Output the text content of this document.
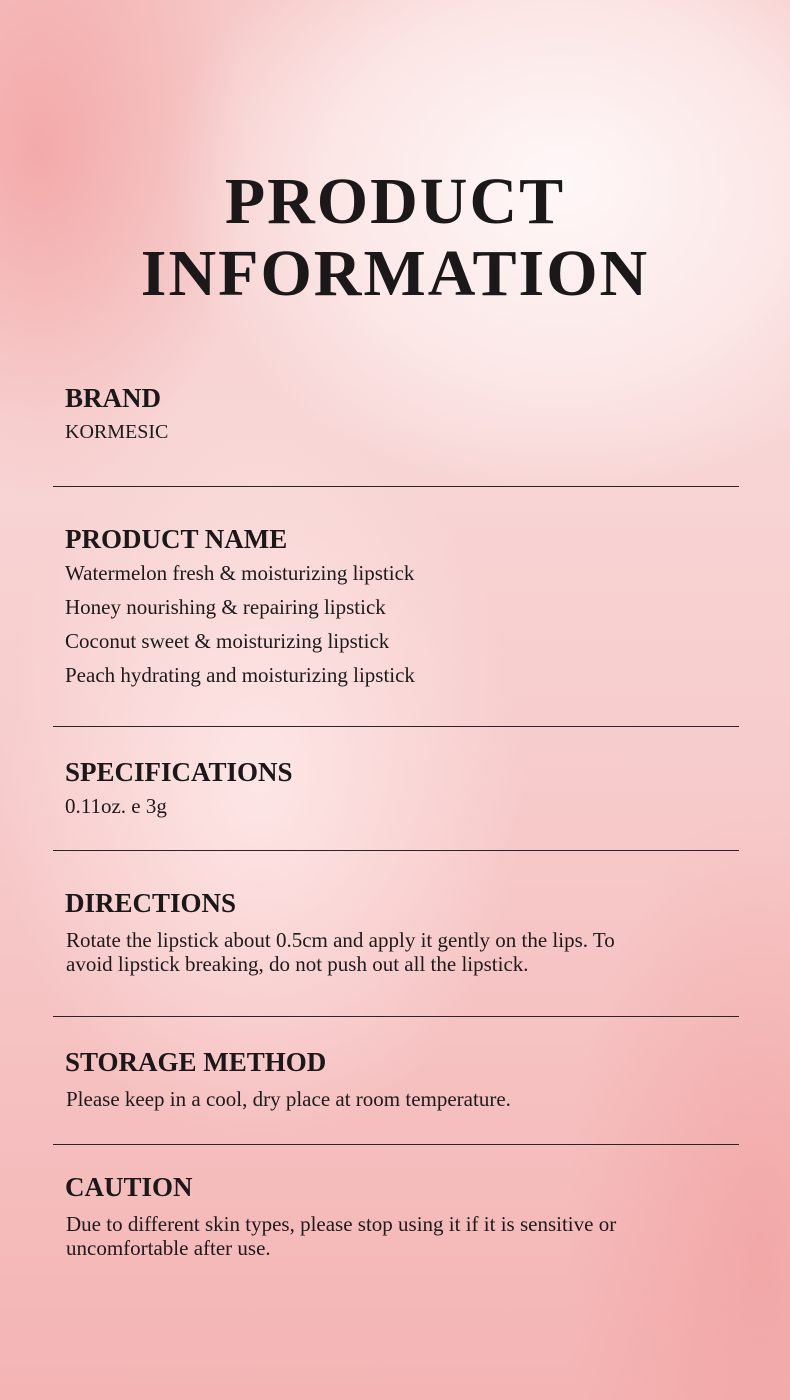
PRODUCT
INFORMATION
BRAND

KORMESIC

PRODUCT NAME

Watermelon fresh & moisturizing lipstick

Honey nourishing & repairing lipstick

Coconut sweet & moisturizing lipstick

Peach hydrating and moisturizing lipstick

SPECIFICATIONS

0.11oz. e 3g

DIRECTIONS

Rotate the lipstick about 0.5cm and apply it gently on the lips. To

avoid lipstick breaking, do not push out all the lipstick.

STORAGE METHOD

Please keep in a cool, dry place at room temperature.

CAUTION

Due to different skin types, please stop using it if it is sensitive or

uncomfortable after use.
